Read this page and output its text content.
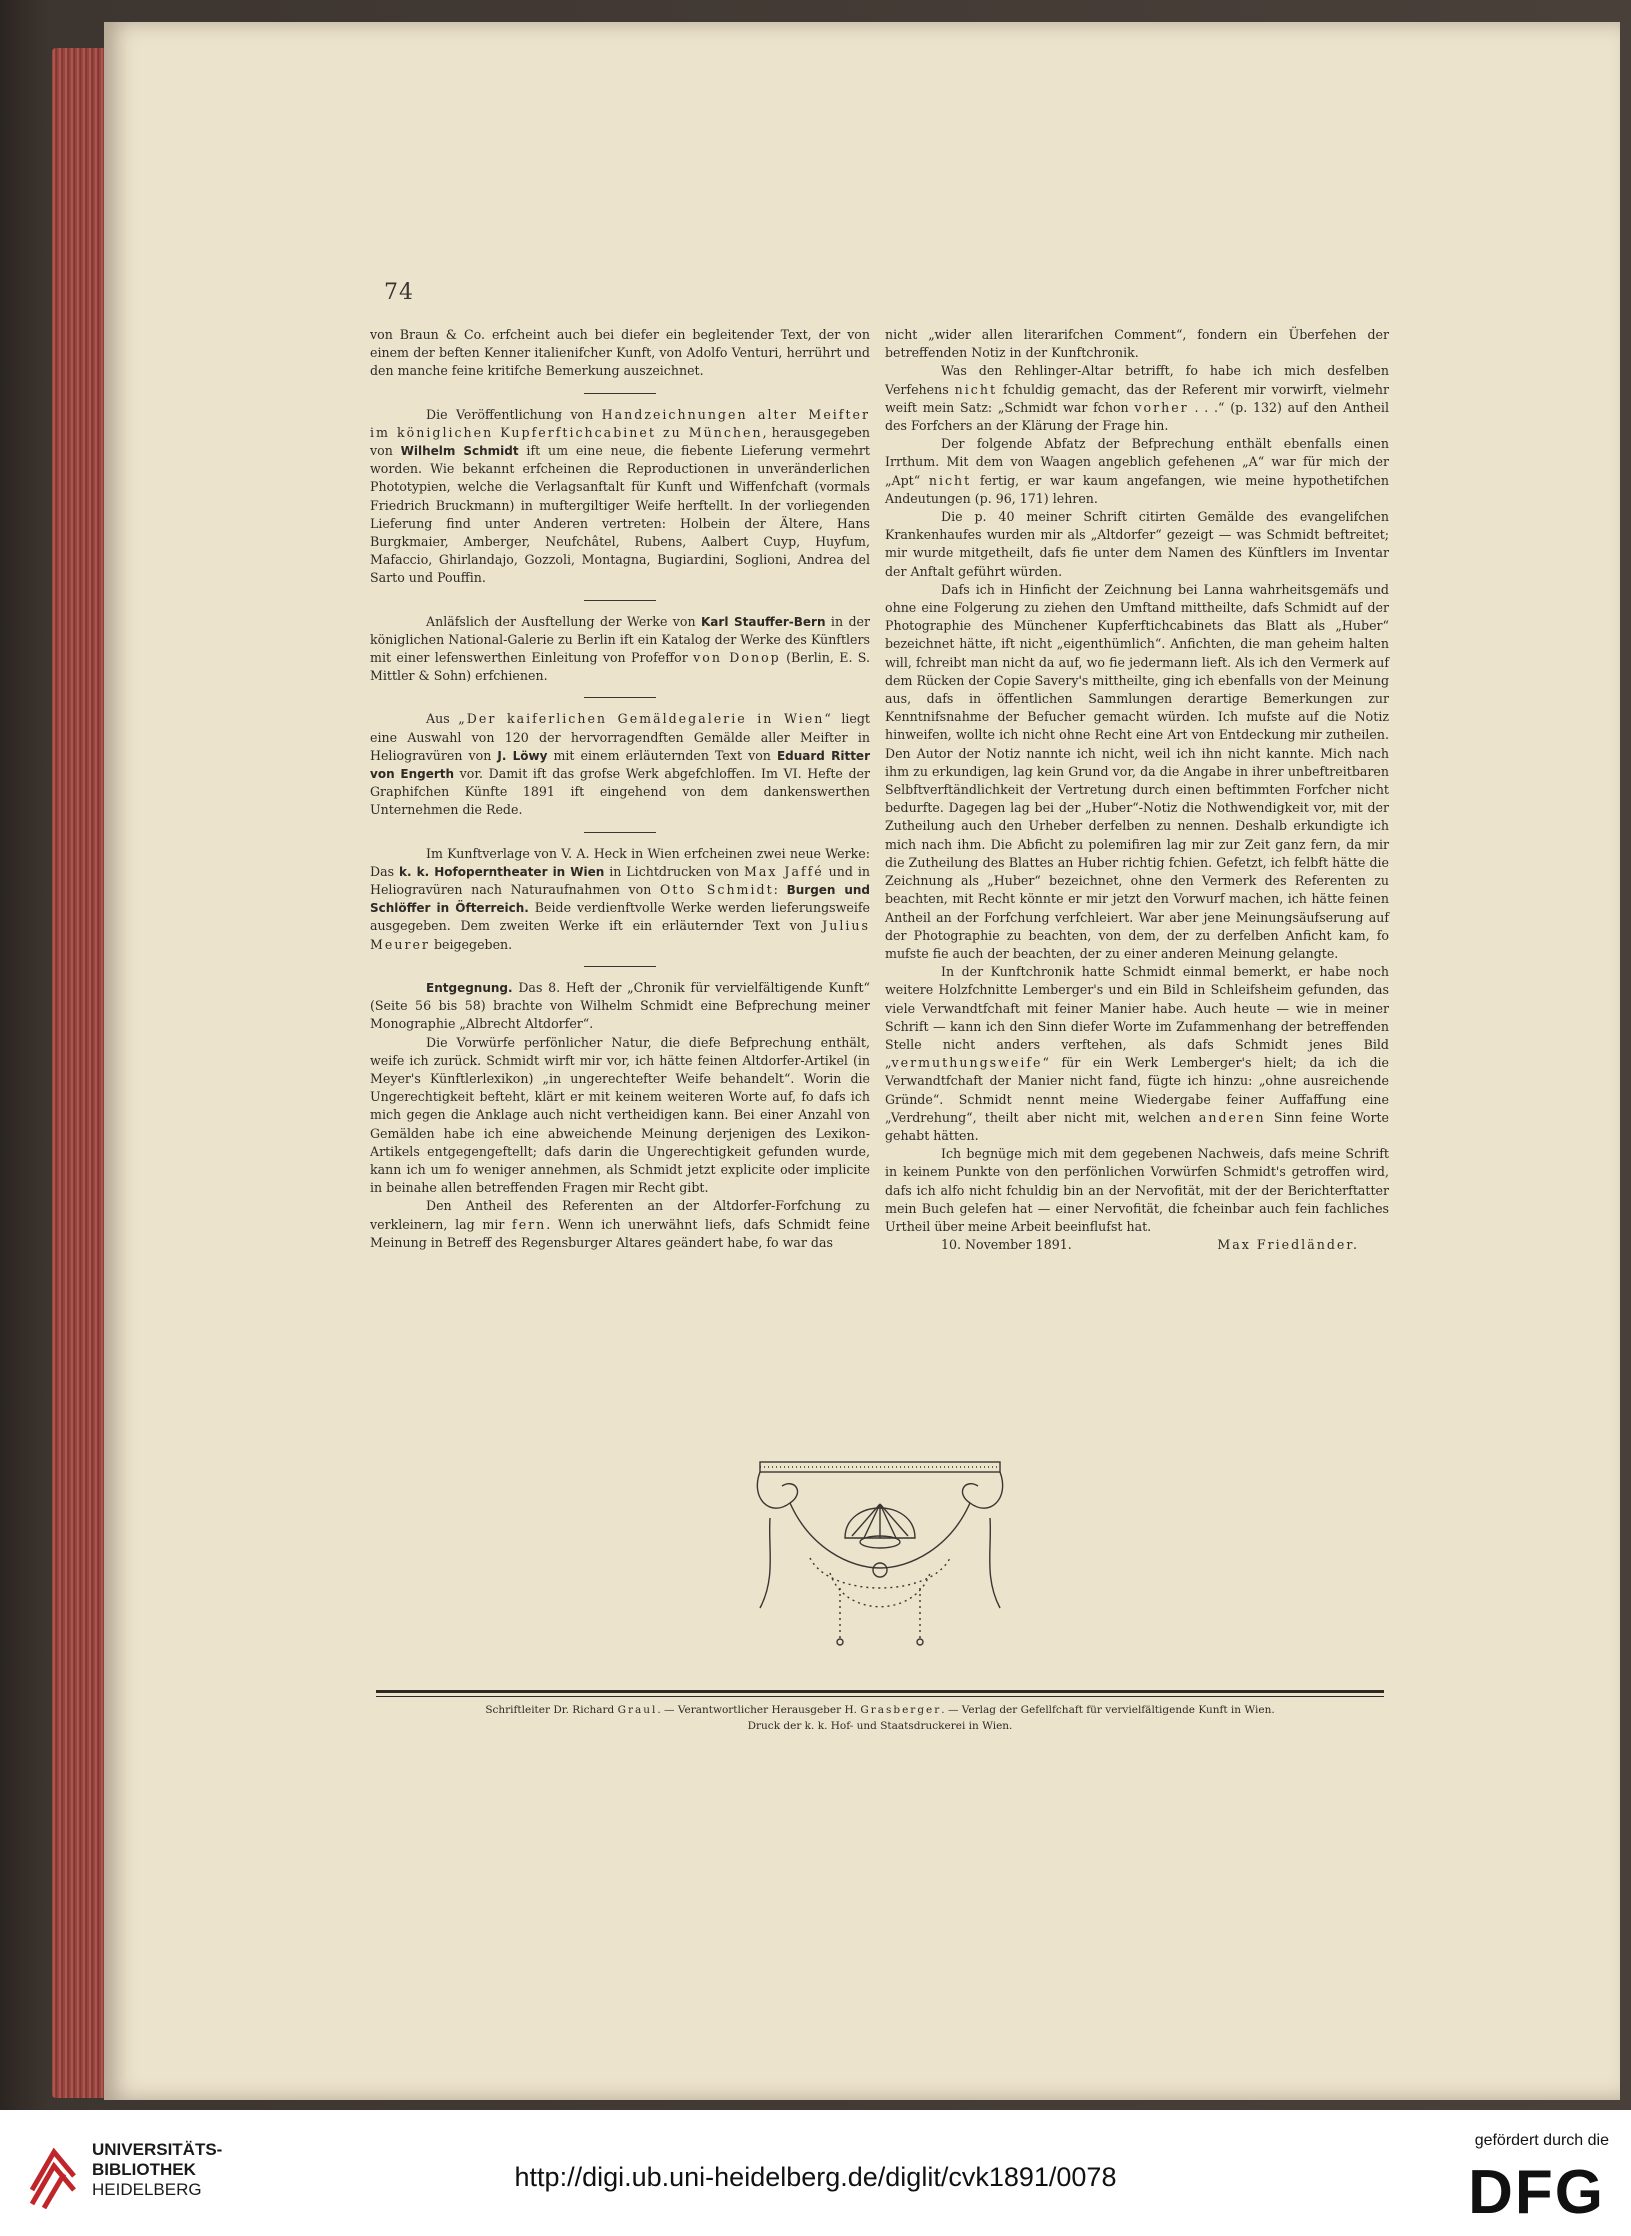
74

von Braun & Co. erfcheint auch bei diefer ein begleitender Text, der von einem der beften Kenner italienifcher Kunft, von Adolfo Venturi, herrührt und den manche feine kritifche Bemerkung auszeichnet.

Die Veröffentlichung von Handzeichnungen alter Meifter im königlichen Kupferftichcabinet zu München, herausgegeben von Wilhelm Schmidt ift um eine neue, die fiebente Lieferung vermehrt worden. Wie bekannt erfcheinen die Reproductionen in unveränderlichen Phototypien, welche die Verlagsanftalt für Kunft und Wiffenfchaft (vormals Friedrich Bruckmann) in muftergiltiger Weife herftellt. In der vorliegenden Lieferung find unter Anderen vertreten: Holbein der Ältere, Hans Burgkmaier, Amberger, Neufchâtel, Rubens, Aalbert Cuyp, Huyfum, Mafaccio, Ghirlandajo, Gozzoli, Montagna, Bugiardini, Soglioni, Andrea del Sarto und Pouffin.

Anläfslich der Ausftellung der Werke von Karl Stauffer-Bern in der königlichen National-Galerie zu Berlin ift ein Katalog der Werke des Künftlers mit einer lefenswerthen Einleitung von Profeffor von Donop (Berlin, E. S. Mittler & Sohn) erfchienen.

Aus „Der kaiferlichen Gemäldegalerie in Wien“ liegt eine Auswahl von 120 der hervorragendften Gemälde aller Meifter in Heliogravüren von J. Löwy mit einem erläuternden Text von Eduard Ritter von Engerth vor. Damit ift das grofse Werk abgefchloffen. Im VI. Hefte der Graphifchen Künfte 1891 ift eingehend von dem dankenswerthen Unternehmen die Rede.

Im Kunftverlage von V. A. Heck in Wien erfcheinen zwei neue Werke: Das k. k. Hofoperntheater in Wien in Lichtdrucken von Max Jaffé und in Heliogravüren nach Naturaufnahmen von Otto Schmidt: Burgen und Schlöffer in Öfterreich. Beide verdienftvolle Werke werden lieferungsweife ausgegeben. Dem zweiten Werke ift ein erläuternder Text von Julius Meurer beigegeben.

Entgegnung. Das 8. Heft der „Chronik für vervielfältigende Kunft“ (Seite 56 bis 58) brachte von Wilhelm Schmidt eine Befprechung meiner Monographie „Albrecht Altdorfer“.

Die Vorwürfe perfönlicher Natur, die diefe Befprechung enthält, weife ich zurück. Schmidt wirft mir vor, ich hätte feinen Altdorfer-Artikel (in Meyer's Künftlerlexikon) „in ungerechtefter Weife behandelt“. Worin die Ungerechtigkeit befteht, klärt er mit keinem weiteren Worte auf, fo dafs ich mich gegen die Anklage auch nicht vertheidigen kann. Bei einer Anzahl von Gemälden habe ich eine abweichende Meinung derjenigen des Lexikon-Artikels entgegengeftellt; dafs darin die Ungerechtigkeit gefunden wurde, kann ich um fo weniger annehmen, als Schmidt jetzt explicite oder implicite in beinahe allen betreffenden Fragen mir Recht gibt.

Den Antheil des Referenten an der Altdorfer-Forfchung zu verkleinern, lag mir fern. Wenn ich unerwähnt liefs, dafs Schmidt feine Meinung in Betreff des Regensburger Altares geändert habe, fo war das

nicht „wider allen literarifchen Comment“, fondern ein Überfehen der betreffenden Notiz in der Kunftchronik.

Was den Rehlinger-Altar betrifft, fo habe ich mich desfelben Verfehens nicht fchuldig gemacht, das der Referent mir vorwirft, vielmehr weift mein Satz: „Schmidt war fchon vorher . . .“ (p. 132) auf den Antheil des Forfchers an der Klärung der Frage hin.

Der folgende Abfatz der Befprechung enthält ebenfalls einen Irrthum. Mit dem von Waagen angeblich gefehenen „A“ war für mich der „Apt“ nicht fertig, er war kaum angefangen, wie meine hypothetifchen Andeutungen (p. 96, 171) lehren.

Die p. 40 meiner Schrift citirten Gemälde des evangelifchen Krankenhaufes wurden mir als „Altdorfer“ gezeigt — was Schmidt beftreitet; mir wurde mitgetheilt, dafs fie unter dem Namen des Künftlers im Inventar der Anftalt geführt würden.

Dafs ich in Hinficht der Zeichnung bei Lanna wahrheitsgemäfs und ohne eine Folgerung zu ziehen den Umftand mittheilte, dafs Schmidt auf der Photographie des Münchener Kupferftichcabinets das Blatt als „Huber“ bezeichnet hätte, ift nicht „eigenthümlich“. Anfichten, die man geheim halten will, fchreibt man nicht da auf, wo fie jedermann lieft. Als ich den Vermerk auf dem Rücken der Copie Savery's mittheilte, ging ich ebenfalls von der Meinung aus, dafs in öffentlichen Sammlungen derartige Bemerkungen zur Kenntnifsnahme der Befucher gemacht würden. Ich mufste auf die Notiz hinweifen, wollte ich nicht ohne Recht eine Art von Entdeckung mir zutheilen. Den Autor der Notiz nannte ich nicht, weil ich ihn nicht kannte. Mich nach ihm zu erkundigen, lag kein Grund vor, da die Angabe in ihrer unbeftreitbaren Selbftverftändlichkeit der Vertretung durch einen beftimmten Forfcher nicht bedurfte. Dagegen lag bei der „Huber“-Notiz die Nothwendigkeit vor, mit der Zutheilung auch den Urheber derfelben zu nennen. Deshalb erkundigte ich mich nach ihm. Die Abficht zu polemifiren lag mir zur Zeit ganz fern, da mir die Zutheilung des Blattes an Huber richtig fchien. Gefetzt, ich felbft hätte die Zeichnung als „Huber“ bezeichnet, ohne den Vermerk des Referenten zu beachten, mit Recht könnte er mir jetzt den Vorwurf machen, ich hätte feinen Antheil an der Forfchung verfchleiert. War aber jene Meinungsäufserung auf der Photographie zu beachten, von dem, der zu derfelben Anficht kam, fo mufste fie auch der beachten, der zu einer anderen Meinung gelangte.

In der Kunftchronik hatte Schmidt einmal bemerkt, er habe noch weitere Holzfchnitte Lemberger's und ein Bild in Schleifsheim gefunden, das viele Verwandtfchaft mit feiner Manier habe. Auch heute — wie in meiner Schrift — kann ich den Sinn diefer Worte im Zufammenhang der betreffenden Stelle nicht anders verftehen, als dafs Schmidt jenes Bild „vermuthungsweife“ für ein Werk Lemberger's hielt; da ich die Verwandtfchaft der Manier nicht fand, fügte ich hinzu: „ohne ausreichende Gründe“. Schmidt nennt meine Wiedergabe feiner Auffaffung eine „Verdrehung“, theilt aber nicht mit, welchen anderen Sinn feine Worte gehabt hätten.

Ich begnüge mich mit dem gegebenen Nachweis, dafs meine Schrift in keinem Punkte von den perfönlichen Vorwürfen Schmidt's getroffen wird, dafs ich alfo nicht fchuldig bin an der Nervofität, mit der der Berichterftatter mein Buch gelefen hat — einer Nervofität, die fcheinbar auch fein fachliches Urtheil über meine Arbeit beeinflufst hat.

10. November 1891.	Max Friedländer.
Schriftleiter Dr. Richard Graul. — Verantwortlicher Herausgeber H. Grasberger. — Verlag der Gefellfchaft für vervielfältigende Kunft in Wien.
Druck der k. k. Hof- und Staatsdruckerei in Wien.
UNIVERSITÄTS-
BIBLIOTHEK
HEIDELBERG	http://digi.ub.uni-heidelberg.de/diglit/cvk1891/0078
gefördert durch die
DFG
